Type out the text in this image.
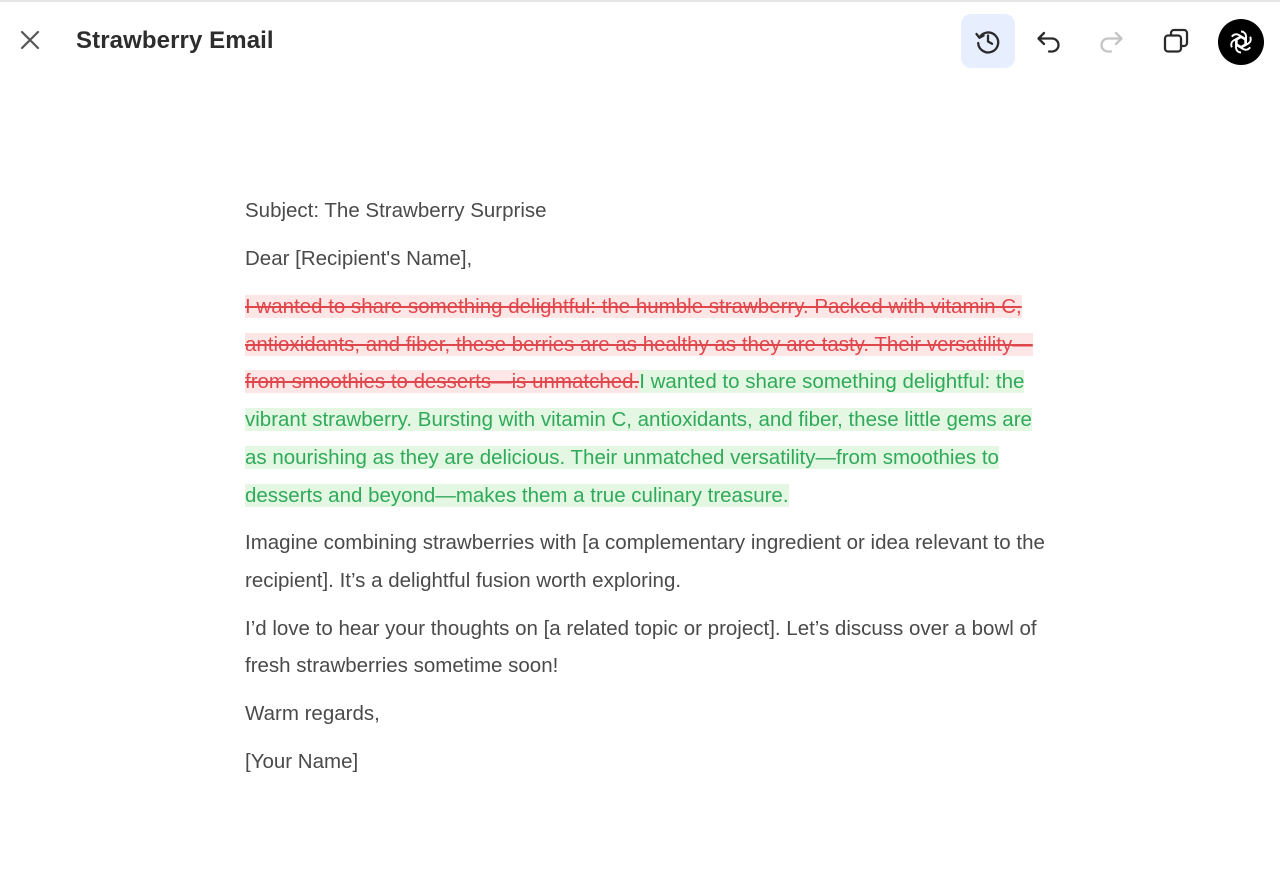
Strawberry Email

Subject: The Strawberry Surprise

Dear [Recipient's Name],

I wanted to share something delightful: the humble strawberry. Packed with vitamin C, antioxidants, and fiber, these berries are as healthy as they are tasty. Their versatility—from smoothies to desserts—is unmatched.I wanted to share something delightful: the vibrant strawberry. Bursting with vitamin C, antioxidants, and fiber, these little gems are as nourishing as they are delicious. Their unmatched versatility—from smoothies to desserts and beyond—makes them a true culinary treasure.

Imagine combining strawberries with [a complementary ingredient or idea relevant to the recipient]. It’s a delightful fusion worth exploring.

I’d love to hear your thoughts on [a related topic or project]. Let’s discuss over a bowl of fresh strawberries sometime soon!

Warm regards,

[Your Name]
